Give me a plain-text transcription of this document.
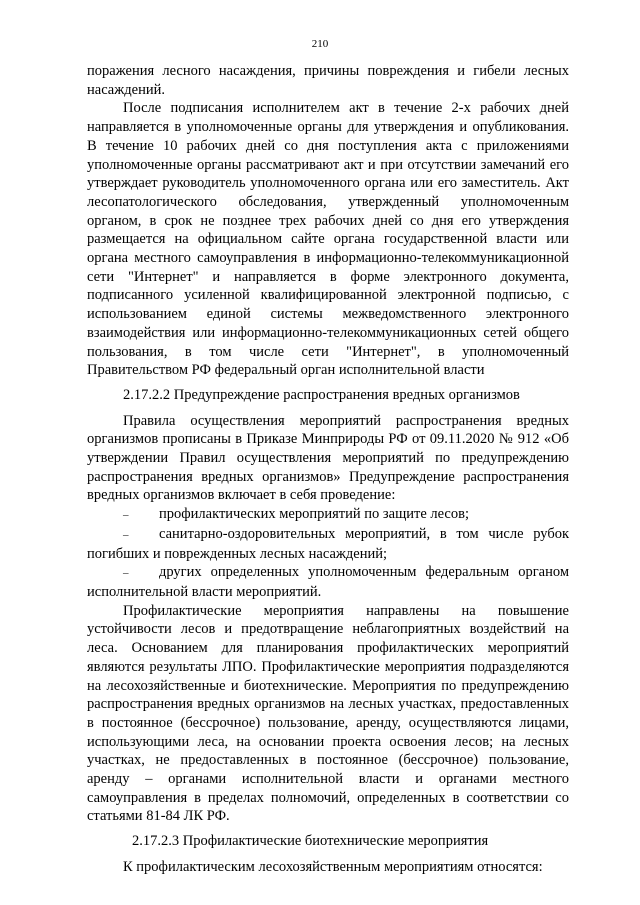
210

поражения лесного насаждения, причины повреждения и гибели лесных насаждений.

После подписания исполнителем акт в течение 2-х рабочих дней направляется в уполномоченные органы для утверждения и опубликования. В течение 10 рабочих дней со дня поступления акта с приложениями уполномоченные органы рассматривают акт и при отсутствии замечаний его утверждает руководитель уполномоченного органа или его заместитель. Акт лесопатологического обследования, утвержденный уполномоченным органом, в срок не позднее трех рабочих дней со дня его утверждения размещается на официальном сайте органа государственной власти или органа местного самоуправления в информационно-телекоммуникационной сети "Интернет" и направляется в форме электронного документа, подписанного усиленной квалифицированной электронной подписью, с использованием единой системы межведомственного электронного взаимодействия или информационно-телекоммуникационных сетей общего пользования, в том числе сети "Интернет", в уполномоченный Правительством РФ федеральный орган исполнительной власти

2.17.2.2 Предупреждение распространения вредных организмов

Правила осуществления мероприятий распространения вредных организмов прописаны в Приказе Минприроды РФ от 09.11.2020 № 912 «Об утверждении Правил осуществления мероприятий по предупреждению распространения вредных организмов» Предупреждение распространения вредных организмов включает в себя проведение:

– профилактических мероприятий по защите лесов;

– санитарно-оздоровительных мероприятий, в том числе рубок погибших и поврежденных лесных насаждений;

– других определенных уполномоченным федеральным органом исполнительной власти мероприятий.

Профилактические мероприятия направлены на повышение устойчивости лесов и предотвращение неблагоприятных воздействий на леса. Основанием для планирования профилактических мероприятий являются результаты ЛПО. Профилактические мероприятия подразделяются на лесохозяйственные и биотехнические. Мероприятия по предупреждению распространения вредных организмов на лесных участках, предоставленных в постоянное (бессрочное) пользование, аренду, осуществляются лицами, использующими леса, на основании проекта освоения лесов; на лесных участках, не предоставленных в постоянное (бессрочное) пользование, аренду – органами исполнительной власти и органами местного самоуправления в пределах полномочий, определенных в соответствии со статьями 81-84 ЛК РФ.

2.17.2.3 Профилактические биотехнические мероприятия

К профилактическим лесохозяйственным мероприятиям относятся:
